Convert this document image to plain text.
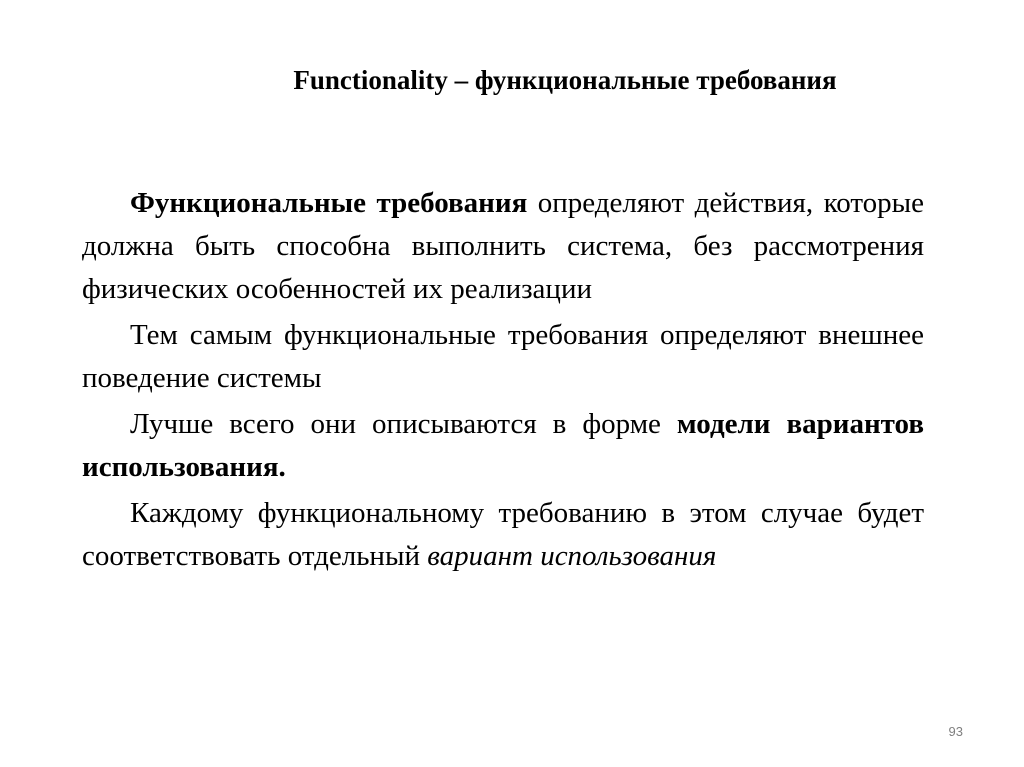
Functionality – функциональные требования

Функциональные требования определяют действия, которые должна быть способна выполнить система, без рассмотрения физических особенностей их реализации

Тем самым функциональные требования определяют внешнее поведение системы

Лучше всего они описываются в форме модели вариантов использования.

Каждому функциональному требованию в этом случае будет соответствовать отдельный вариант использования

93
